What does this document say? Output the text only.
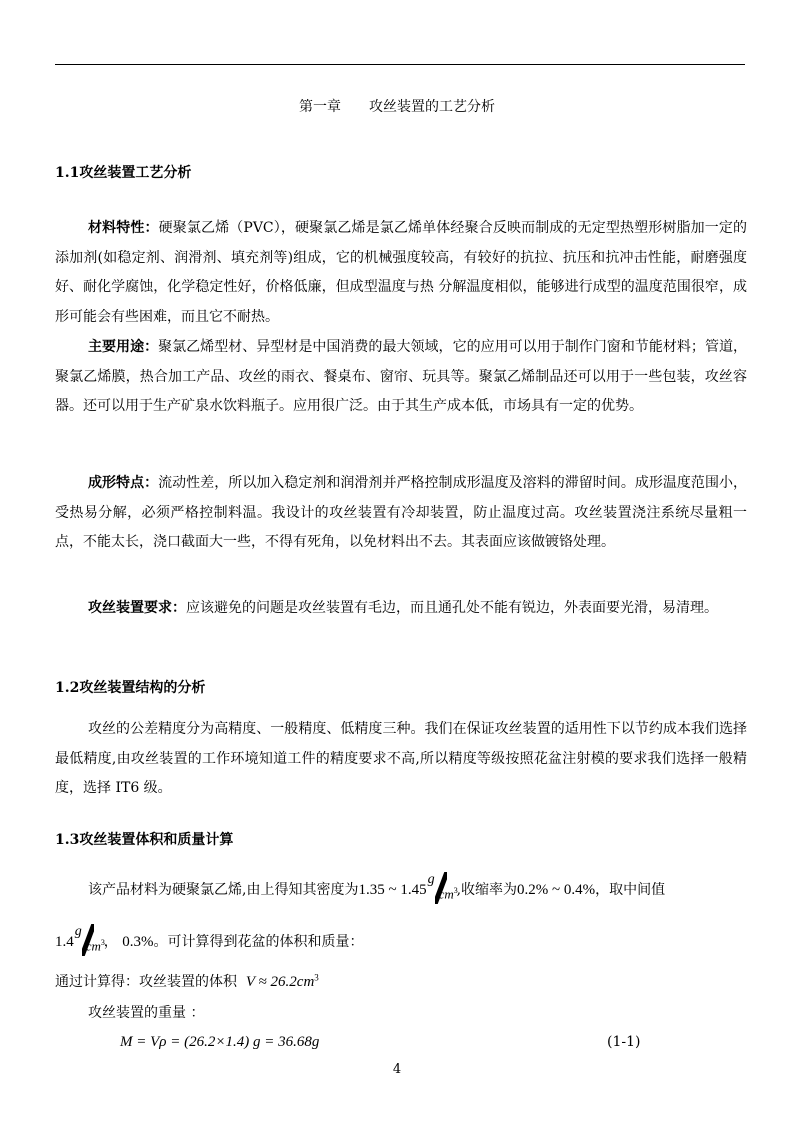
第一章 攻丝装置的工艺分析
1.1攻丝装置工艺分析
材料特性：硬聚氯乙烯（PVC），硬聚氯乙烯是氯乙烯单体经聚合反映而制成的无定型热塑形树脂加一定的添加剂(如稳定剂、润滑剂、填充剂等)组成，它的机械强度较高，有较好的抗拉、抗压和抗冲击性能，耐磨强度好、耐化学腐蚀，化学稳定性好，价格低廉，但成型温度与热 分解温度相似，能够进行成型的温度范围很窄，成形可能会有些困难，而且它不耐热。
主要用途：聚氯乙烯型材、异型材是中国消费的最大领域，它的应用可以用于制作门窗和节能材料；管道，聚氯乙烯膜，热合加工产品、攻丝的雨衣、餐桌布、窗帘、玩具等。聚氯乙烯制品还可以用于一些包装，攻丝容器。还可以用于生产矿泉水饮料瓶子。应用很广泛。由于其生产成本低，市场具有一定的优势。
成形特点：流动性差，所以加入稳定剂和润滑剂并严格控制成形温度及溶料的滞留时间。成形温度范围小，受热易分解，必须严格控制料温。我设计的攻丝装置有冷却装置，防止温度过高。攻丝装置浇注系统尽量粗一点，不能太长，浇口截面大一些，不得有死角，以免材料出不去。其表面应该做镀铬处理。
攻丝装置要求：应该避免的问题是攻丝装置有毛边，而且通孔处不能有锐边，外表面要光滑，易清理。
1.2攻丝装置结构的分析
攻丝的公差精度分为高精度、一般精度、低精度三种。我们在保证攻丝装置的适用性下以节约成本我们选择最低精度,由攻丝装置的工作环境知道工件的精度要求不高,所以精度等级按照花盆注射模的要求我们选择一般精度，选择 IT6 级。
1.3攻丝装置体积和质量计算
该产品材料为硬聚氯乙烯,由上得知其密度为1.35 ~ 1.45
g
$cm^3$
,收缩率为0.2% ~ 0.4%，取中间值
1.4
g
$cm^3$
， 0.3%。可计算得到花盆的体积和质量：
通过计算得：攻丝装置的体积 $V \approx 26.2cm^3$
攻丝装置的重量 ：
M = Vρ = (26.2×1.4) g = 36.68g	(1-1)
4
